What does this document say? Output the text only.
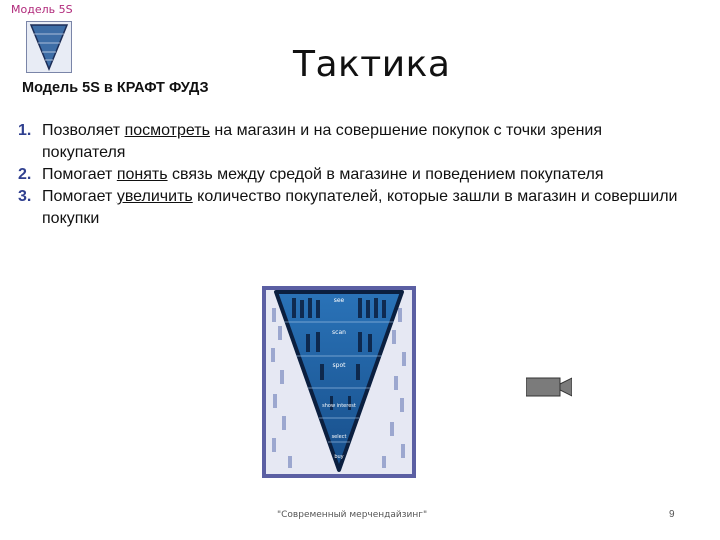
Модель 5S
Модель 5S в КРАФТ ФУДЗ
Тактика
1. Позволяет посмотреть на магазин и на совершение покупок с точки зрения покупателя
2. Помогает понять связь между средой в магазине и поведением покупателя
3. Помогает увеличить количество покупателей, которые зашли в магазин и совершили покупки
see
scan
spot
show interest
select
buy
"Современный мерчендайзинг"	9
